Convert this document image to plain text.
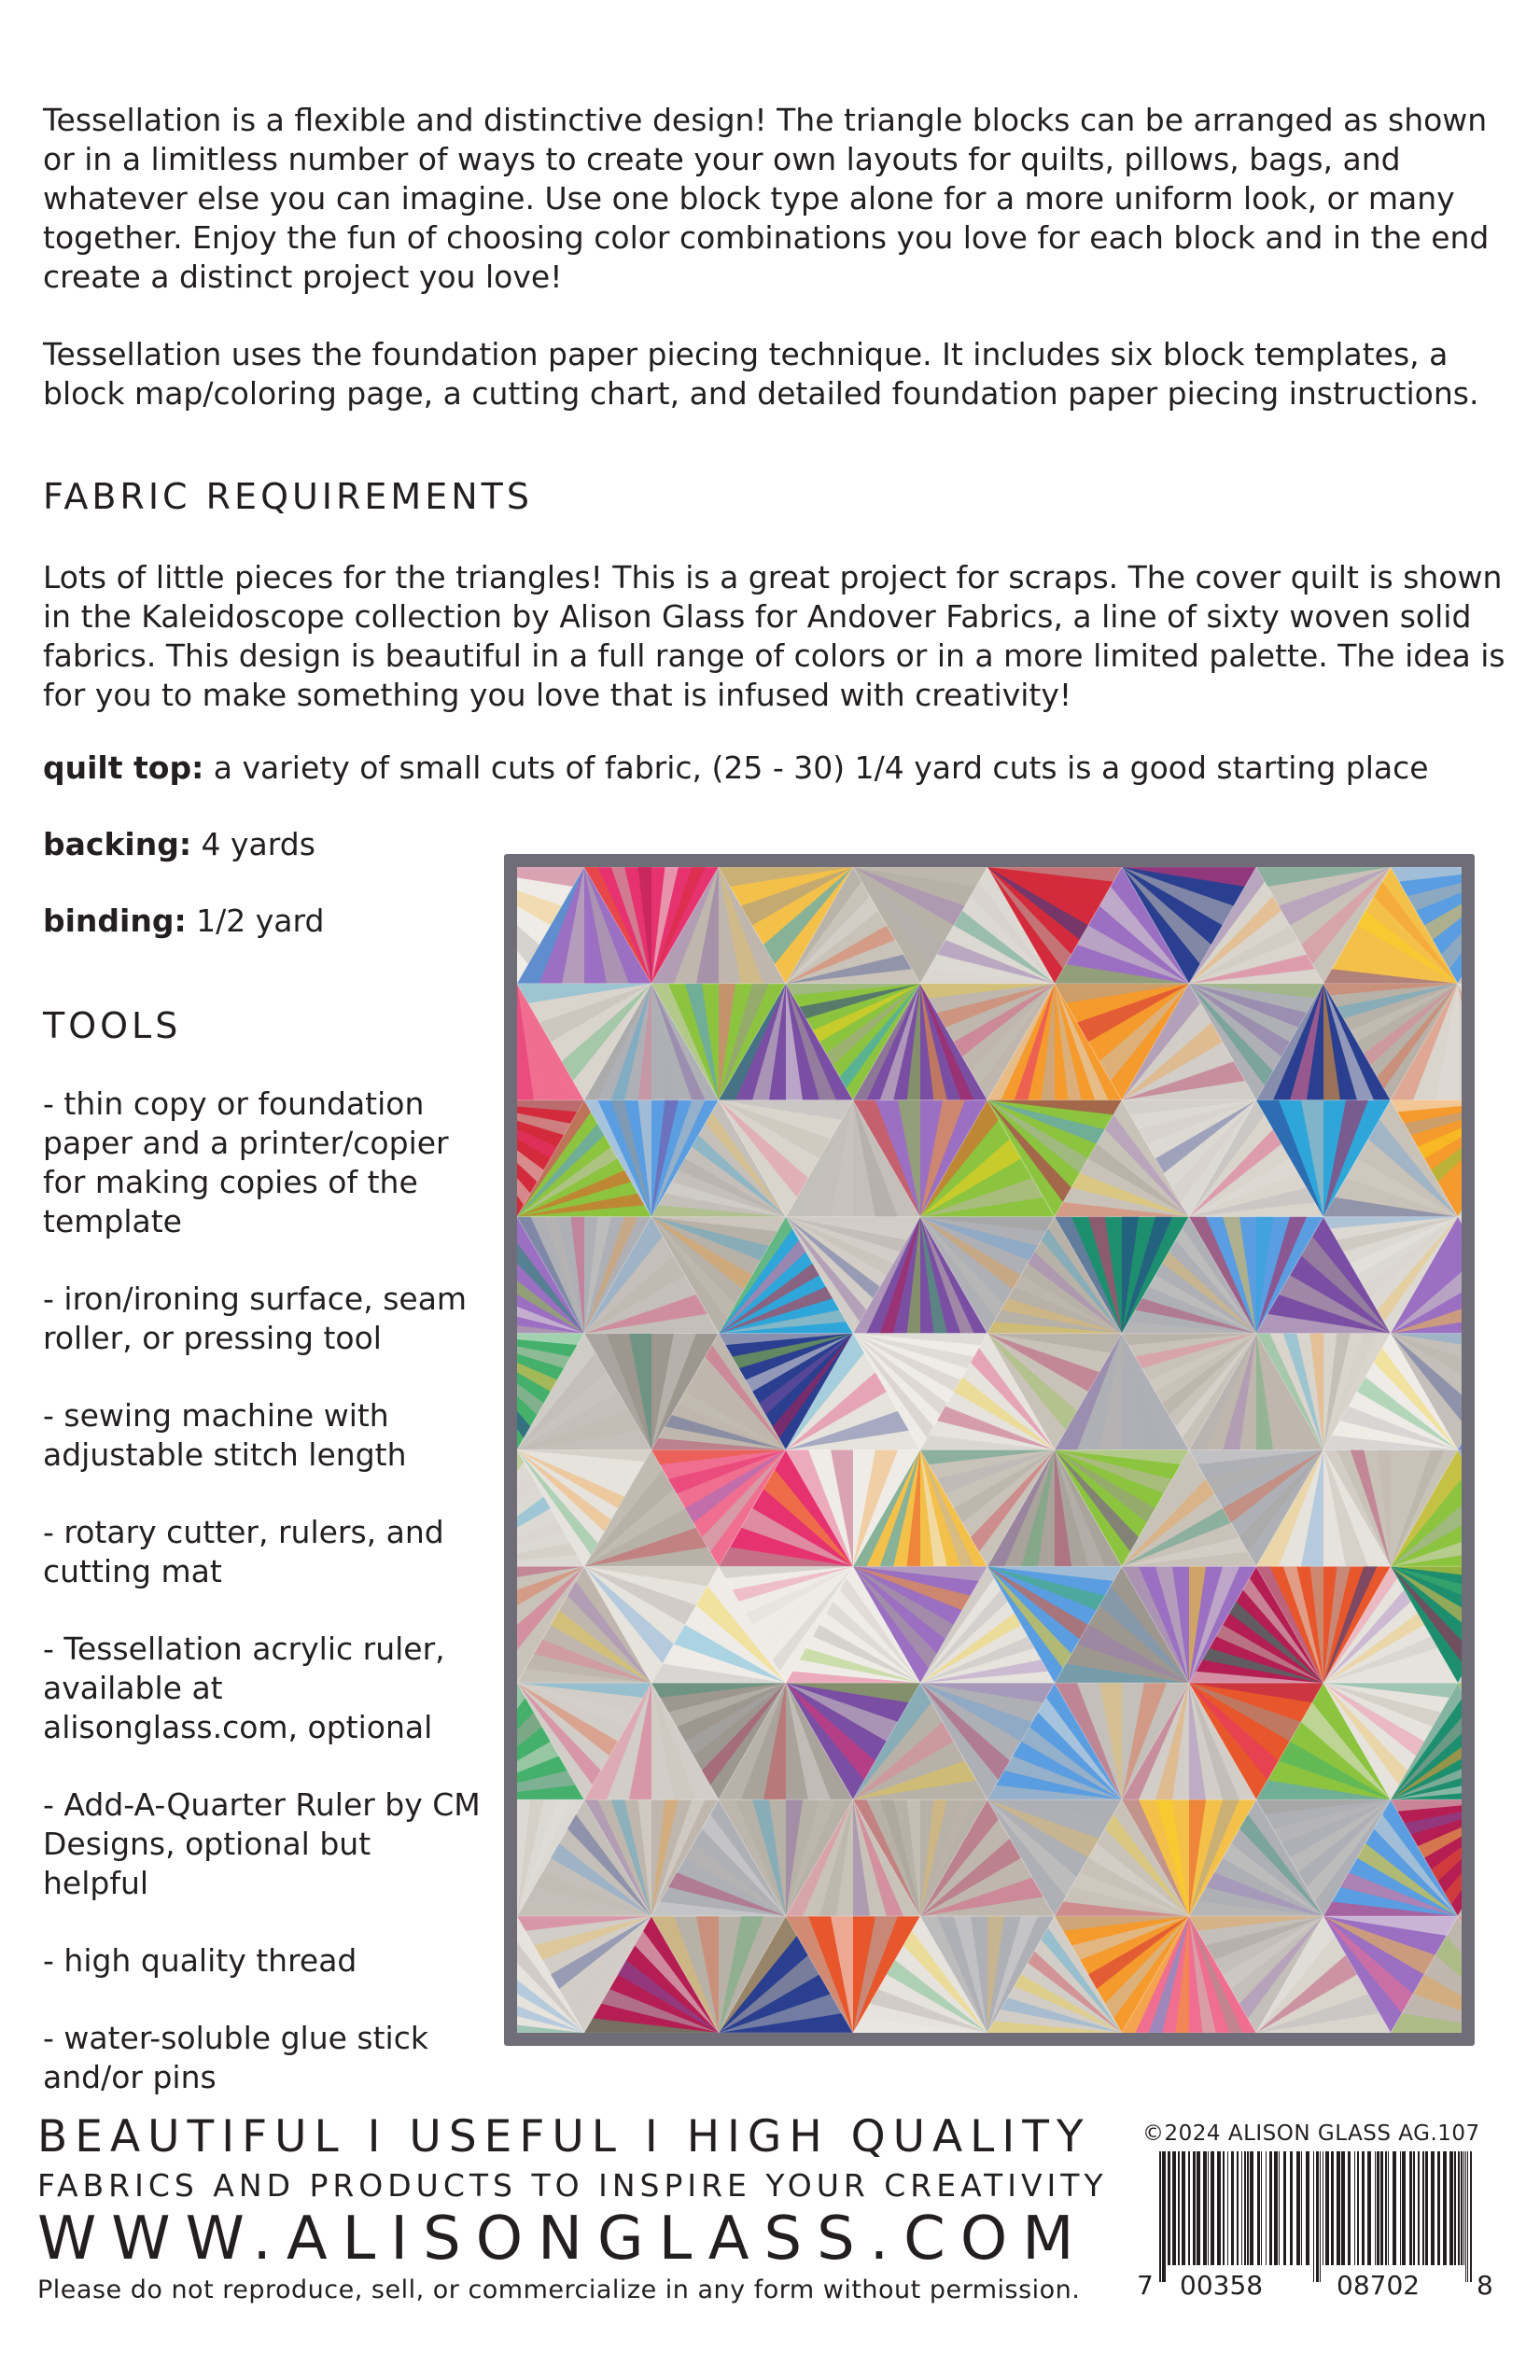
Tessellation is a flexible and distinctive design! The triangle blocks can be arranged as shown or in a limitless number of ways to create your own layouts for quilts, pillows, bags, and whatever else you can imagine. Use one block type alone for a more uniform look, or many together. Enjoy the fun of choosing color combinations you love for each block and in the end create a distinct project you love!

Tessellation uses the foundation paper piecing technique. It includes six block templates, a block map/coloring page, a cutting chart, and detailed foundation paper piecing instructions.

FABRIC REQUIREMENTS

Lots of little pieces for the triangles! This is a great project for scraps. The cover quilt is shown in the Kaleidoscope collection by Alison Glass for Andover Fabrics, a line of sixty woven solid fabrics. This design is beautiful in a full range of colors or in a more limited palette. The idea is for you to make something you love that is infused with creativity!

quilt top: a variety of small cuts of fabric, (25 - 30) 1/4 yard cuts is a good starting place

backing: 4 yards

binding: 1/2 yard

TOOLS
- thin copy or foundation paper and a printer/copier for making copies of the template
- iron/ironing surface, seam roller, or pressing tool
- sewing machine with adjustable stitch length
- rotary cutter, rulers, and cutting mat
- Tessellation acrylic ruler, available at alisonglass.com, optional
- Add-A-Quarter Ruler by CM Designs, optional but helpful
- high quality thread
- water-soluble glue stick and/or pins

BEAUTIFUL I USEFUL I HIGH QUALITY

FABRICS AND PRODUCTS TO INSPIRE YOUR CREATIVITY

WWW.ALISONGLASS.COM

Please do not reproduce, sell, or commercialize in any form without permission.

©2024 ALISON GLASS AG.107
7 00358	08702 8
